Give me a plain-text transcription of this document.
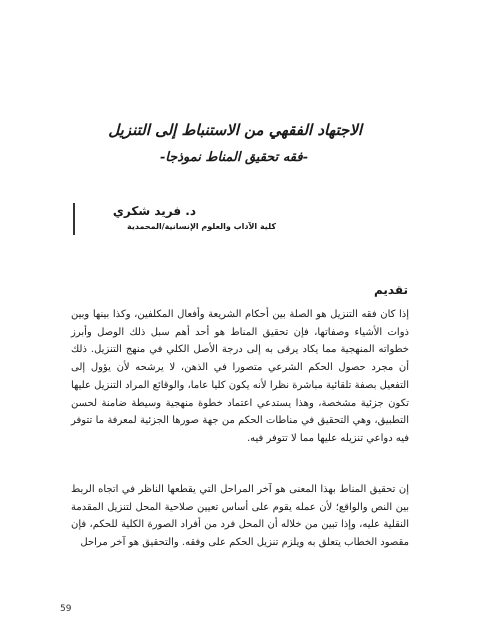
الاجتهاد الفقهي من الاستنباط إلى التنزيل
-فقه تحقيق المناط نموذجا-
د. فريد شكري
كلية الآداب والعلوم الإنسانية/المحمدية
تقديم

إذا كان فقه التنزيل هو الصلة بين أحكام الشريعة وأفعال المكلفين، وكذا بينها وبين ذوات الأشياء وصفاتها، فإن تحقيق المناط هو أحد أهم سبل ذلك الوصل وأبرز خطواته المنهجية مما يكاد يرقى به إلى درجة الأصل الكلي في منهج التنزيل. ذلك أن مجرد حصول الحكم الشرعي متصورا في الذهن، لا يرشحه لأن يؤول إلى التفعيل بصفة تلقائية مباشرة نظرا لأنه يكون كليا عاما، والوقائع المراد التنزيل عليها تكون جزئية مشخصة، وهذا يستدعي اعتماد خطوة منهجية وسيطة ضامنة لحسن التطبيق، وهي التحقيق في مناطات الحكم من جهة صورها الجزئية لمعرفة ما تتوفر فيه دواعي تنزيله عليها مما لا تتوفر فيه.

إن تحقيق المناط بهذا المعنى هو آخر المراحل التي يقطعها الناظر في اتجاه الربط بين النص والواقع؛ لأن عمله يقوم على أساس تعيين صلاحية المحل لتنزيل المقدمة النقلية عليه، وإذا تبين من خلاله أن المحل فرد من أفراد الصورة الكلية للحكم، فإن مقصود الخطاب يتعلق به ويلزم تنزيل الحكم على وفقه. والتحقيق هو آخر مراحل

59
